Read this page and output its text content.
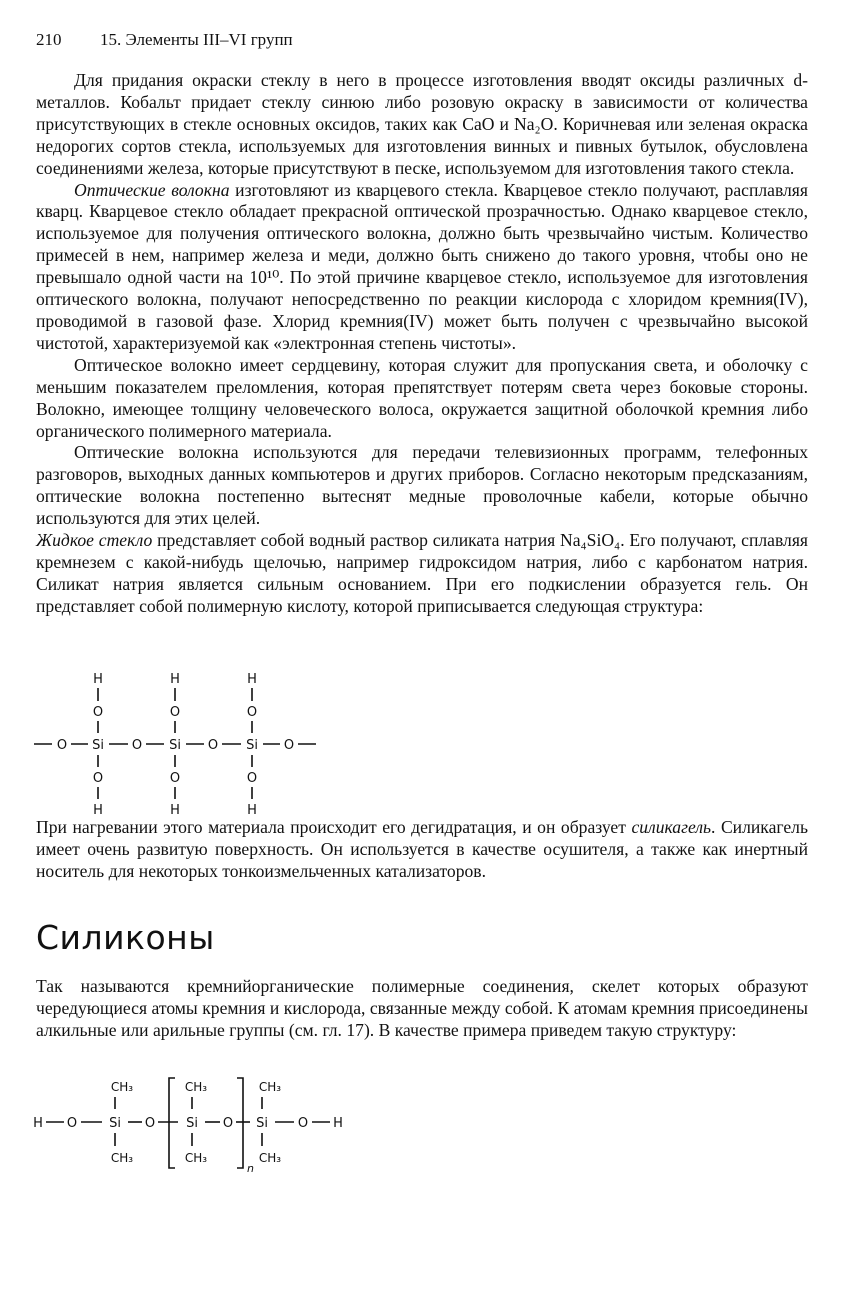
210 15. Элементы III–VI групп

Для придания окраски стеклу в него в процессе изготовления вводят оксиды различных d-металлов. Кобальт придает стеклу синюю либо розовую окраску в зависимости от количества присутствующих в стекле основных оксидов, таких как CaO и Na₂O. Коричневая или зеленая окраска недорогих сортов стекла, используемых для изготовления винных и пивных бутылок, обусловлена соединениями железа, которые присутствуют в песке, используемом для изготовления такого стекла.

Оптические волокна изготовляют из кварцевого стекла. Кварцевое стекло получают, расплавляя кварц. Кварцевое стекло обладает прекрасной оптической прозрачностью. Однако кварцевое стекло, используемое для получения оптического волокна, должно быть чрезвычайно чистым. Количество примесей в нем, например железа и меди, должно быть снижено до такого уровня, чтобы оно не превышало одной части на 10¹⁰. По этой причине кварцевое стекло, используемое для изготовления оптического волокна, получают непосредственно по реакции кислорода с хлоридом кремния(IV), проводимой в газовой фазе. Хлорид кремния(IV) может быть получен с чрезвычайно высокой чистотой, характеризуемой как «электронная степень чистоты».

Оптическое волокно имеет сердцевину, которая служит для пропускания света, и оболочку с меньшим показателем преломления, которая препятствует потерям света через боковые стороны. Волокно, имеющее толщину человеческого волоса, окружается защитной оболочкой кремния либо органического полимерного материала.

Оптические волокна используются для передачи телевизионных программ, телефонных разговоров, выходных данных компьютеров и других приборов. Согласно некоторым предсказаниям, оптические волокна постепенно вытеснят медные проволочные кабели, которые обычно используются для этих целей.

Жидкое стекло представляет собой водный раствор силиката натрия Na₄SiO₄. Его получают, сплавляя кремнезем с какой-нибудь щелочью, например гидроксидом натрия, либо с карбонатом натрия. Силикат натрия является сильным основанием. При его подкислении образуется гель. Он представляет собой полимерную кислоту, которой приписывается следующая структура:

H
O
Si
O
H
H
O
Si
O
H
H
O
Si
O
H
O	O	O	O

При нагревании этого материала происходит его дегидратация, и он образует силикагель. Силикагель имеет очень развитую поверхность. Он используется в качестве осушителя, а также как инертный носитель для некоторых тонкоизмельченных катализаторов.

Силиконы

Так называются кремнийорганические полимерные соединения, скелет которых образуют чередующиеся атомы кремния и кислорода, связанные между собой. К атомам кремния присоединены алкильные или арильные группы (см. гл. 17). В качестве примера приведем такую структуру:

H O
CH₃
Si
CH₃
O
CH₃
Si
CH₃
O
n
CH₃
Si
CH₃
O H
